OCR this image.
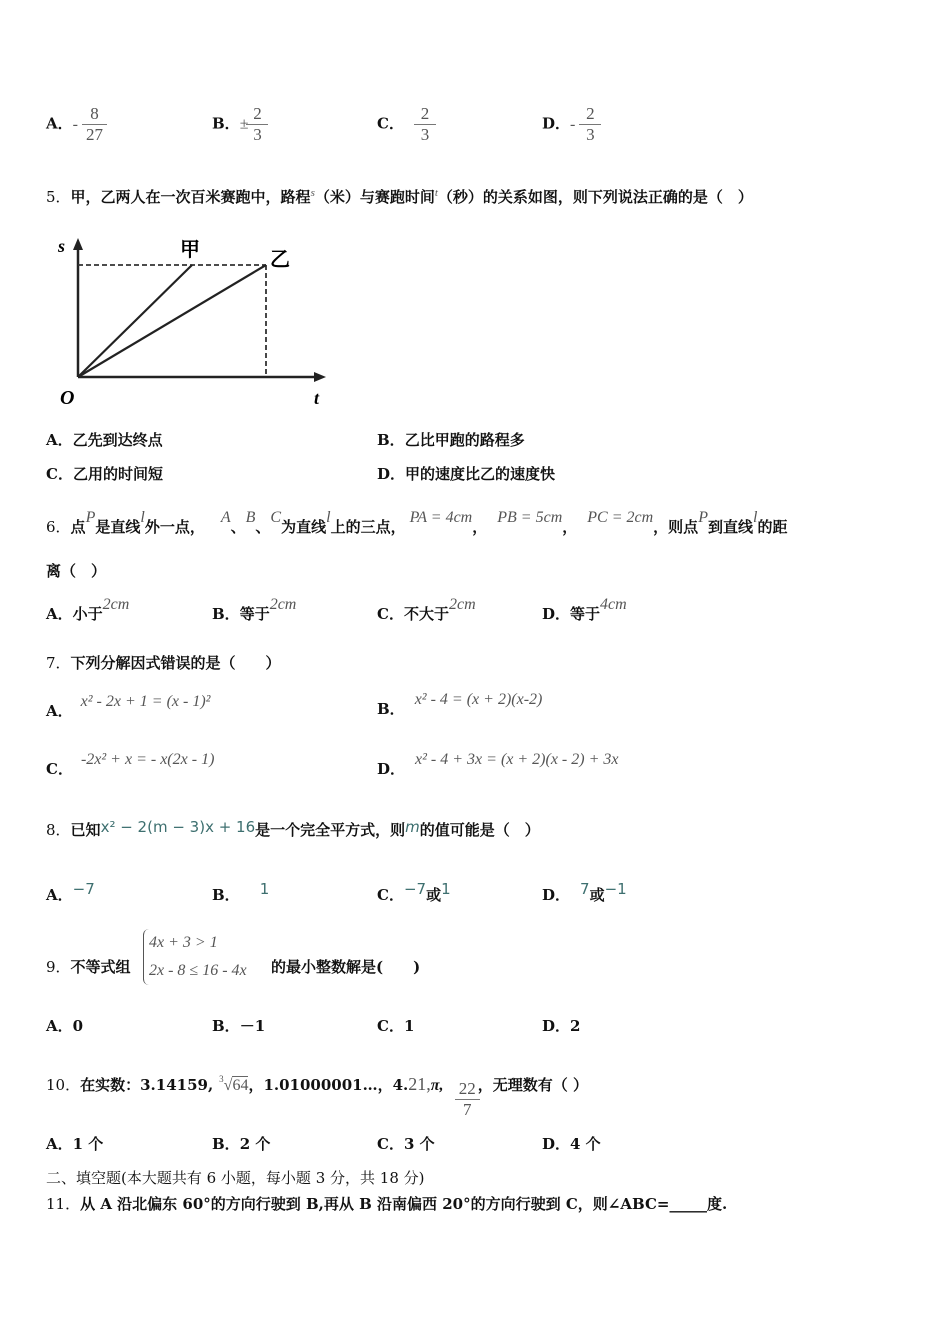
A．- $\frac{8}{27}$	B．± $\frac{2}{3}$	C． $\frac{2}{3}$	D．- $\frac{2}{3}$
5．甲，乙两人在一次百米赛跑中，路程$^s$（米）与赛跑时间$^t$（秒）的关系如图，则下列说法正确的是（　）
s
t
O
甲	乙
A．乙先到达终点	B．乙比甲跑的路程多
C．乙用的时间短	D．甲的速度比乙的速度快
6．点P是直线l外一点，A、B、C为直线l上的三点，PA = 4cm，PB = 5cm，PC = 2cm，则点P到直线l的距
离（　）
A．小于2cm
B．等于2cm
C．不大于2cm
D．等于4cm
7．下列分解因式错误的是（　　）
A．x² - 2x + 1 = (x - 1)²	B．x² - 4 = (x + 2)(x-2)
C．-2x² + x = - x(2x - 1)
D．x² - 4 + 3x = (x + 2)(x - 2) + 3x
8．已知x² − 2(m − 3)x + 16是一个完全平方式，则m的值可能是（　）
A．−7	B． 1	C．−7或1	D． 7或−1
9．不等式组
4x + 3 > 1
2x - 8 ≤ 16 - 4x 的最小整数解是(　　)
A．0	B．－1	C．1	D．2
10．在实数：3.14159, $^3$√64，1.01000001…，4.21,π, $\frac{22}{7}$ ，无理数有（ ）
A．1 个	B．2 个	C．3 个	D．4 个
二、填空题(本大题共有 6 小题，每小题 3 分，共 18 分)
11．从 A 沿北偏东 60°的方向行驶到 B,再从 B 沿南偏西 20°的方向行驶到 C，则∠ABC=_____度.
